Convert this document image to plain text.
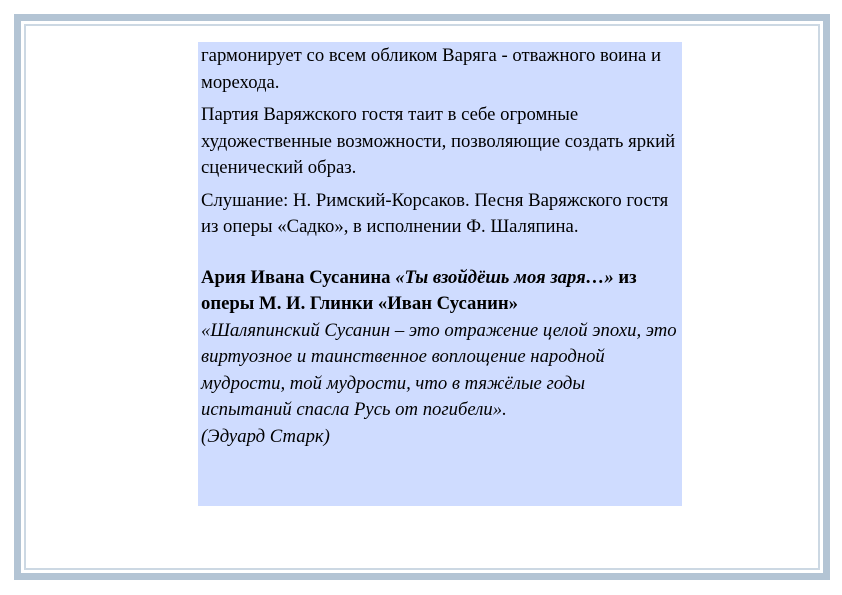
гармонирует со всем обликом Варяга - отважного воина и морехода.

Партия Варяжского гостя таит в себе огромные художественные возможности, позволяющие создать яркий сценический образ.

Слушание: Н. Римский-Корсаков. Песня Варяжского гостя из оперы «Садко», в исполнении Ф. Шаляпина.

Ария Ивана Сусанина «Ты взойдёшь моя заря…» из оперы М. И. Глинки «Иван Сусанин»

«Шаляпинский Сусанин – это отражение целой эпохи, это виртуозное и таинственное воплощение народной мудрости, той мудрости, что в тяжёлые годы испытаний спасла Русь от погибели».

(Эдуард Старк)
